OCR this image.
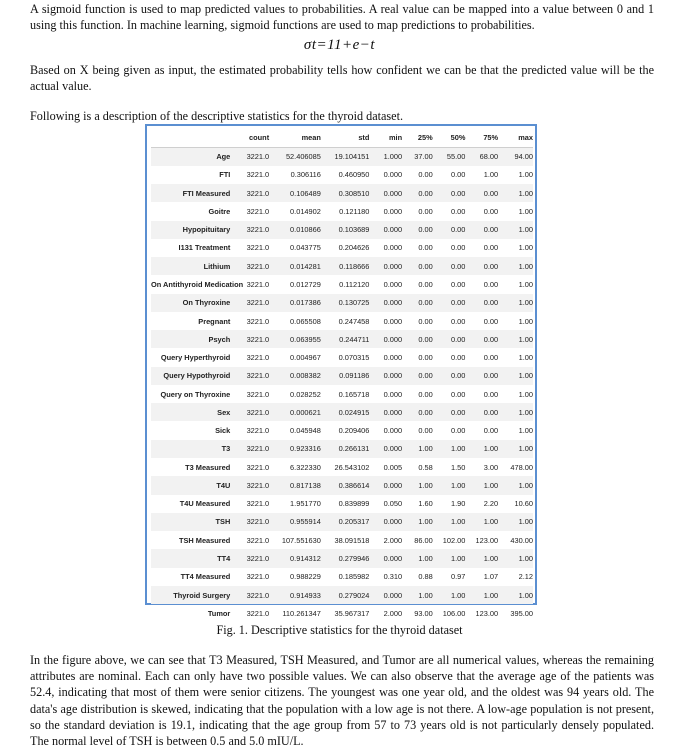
A sigmoid function is used to map predicted values to probabilities. A real value can be mapped into a value between 0 and 1 using this function. In machine learning, sigmoid functions are used to map predictions to probabilities.

σt=11+e−t

Based on X being given as input, the estimated probability tells how confident we can be that the predicted value will be the actual value.

Following is a description of the descriptive statistics for the thyroid dataset.

	count	mean	std	min	25%	50%	75%	max
Age	3221.0	52.406085	19.104151	1.000	37.00	55.00	68.00	94.00
FTI	3221.0	0.306116	0.460950	0.000	0.00	0.00	1.00	1.00
FTI Measured	3221.0	0.106489	0.308510	0.000	0.00	0.00	0.00	1.00
Goitre	3221.0	0.014902	0.121180	0.000	0.00	0.00	0.00	1.00
Hypopituitary	3221.0	0.010866	0.103689	0.000	0.00	0.00	0.00	1.00
I131 Treatment	3221.0	0.043775	0.204626	0.000	0.00	0.00	0.00	1.00
Lithium	3221.0	0.014281	0.118666	0.000	0.00	0.00	0.00	1.00
On Antithyroid Medication	3221.0	0.012729	0.112120	0.000	0.00	0.00	0.00	1.00
On Thyroxine	3221.0	0.017386	0.130725	0.000	0.00	0.00	0.00	1.00
Pregnant	3221.0	0.065508	0.247458	0.000	0.00	0.00	0.00	1.00
Psych	3221.0	0.063955	0.244711	0.000	0.00	0.00	0.00	1.00
Query Hyperthyroid	3221.0	0.004967	0.070315	0.000	0.00	0.00	0.00	1.00
Query Hypothyroid	3221.0	0.008382	0.091186	0.000	0.00	0.00	0.00	1.00
Query on Thyroxine	3221.0	0.028252	0.165718	0.000	0.00	0.00	0.00	1.00
Sex	3221.0	0.000621	0.024915	0.000	0.00	0.00	0.00	1.00
Sick	3221.0	0.045948	0.209406	0.000	0.00	0.00	0.00	1.00
T3	3221.0	0.923316	0.266131	0.000	1.00	1.00	1.00	1.00
T3 Measured	3221.0	6.322330	26.543102	0.005	0.58	1.50	3.00	478.00
T4U	3221.0	0.817138	0.386614	0.000	1.00	1.00	1.00	1.00
T4U Measured	3221.0	1.951770	0.839899	0.050	1.60	1.90	2.20	10.60
TSH	3221.0	0.955914	0.205317	0.000	1.00	1.00	1.00	1.00
TSH Measured	3221.0	107.551630	38.091518	2.000	86.00	102.00	123.00	430.00
TT4	3221.0	0.914312	0.279946	0.000	1.00	1.00	1.00	1.00
TT4 Measured	3221.0	0.988229	0.185982	0.310	0.88	0.97	1.07	2.12
Thyroid Surgery	3221.0	0.914933	0.279024	0.000	1.00	1.00	1.00	1.00
Tumor	3221.0	110.261347	35.967317	2.000	93.00	106.00	123.00	395.00

Fig. 1. Descriptive statistics for the thyroid dataset

In the figure above, we can see that T3 Measured, TSH Measured, and Tumor are all numerical values, whereas the remaining attributes are nominal. Each can only have two possible values. We can also observe that the average age of the patients was 52.4, indicating that most of them were senior citizens. The youngest was one year old, and the oldest was 94 years old. The data's age distribution is skewed, indicating that the population with a low age is not there. A low-age population is not present, so the standard deviation is 19.1, indicating that the age group from 57 to 73 years old is not particularly densely populated. The normal level of TSH is between 0.5 and 5.0 mIU/L.
